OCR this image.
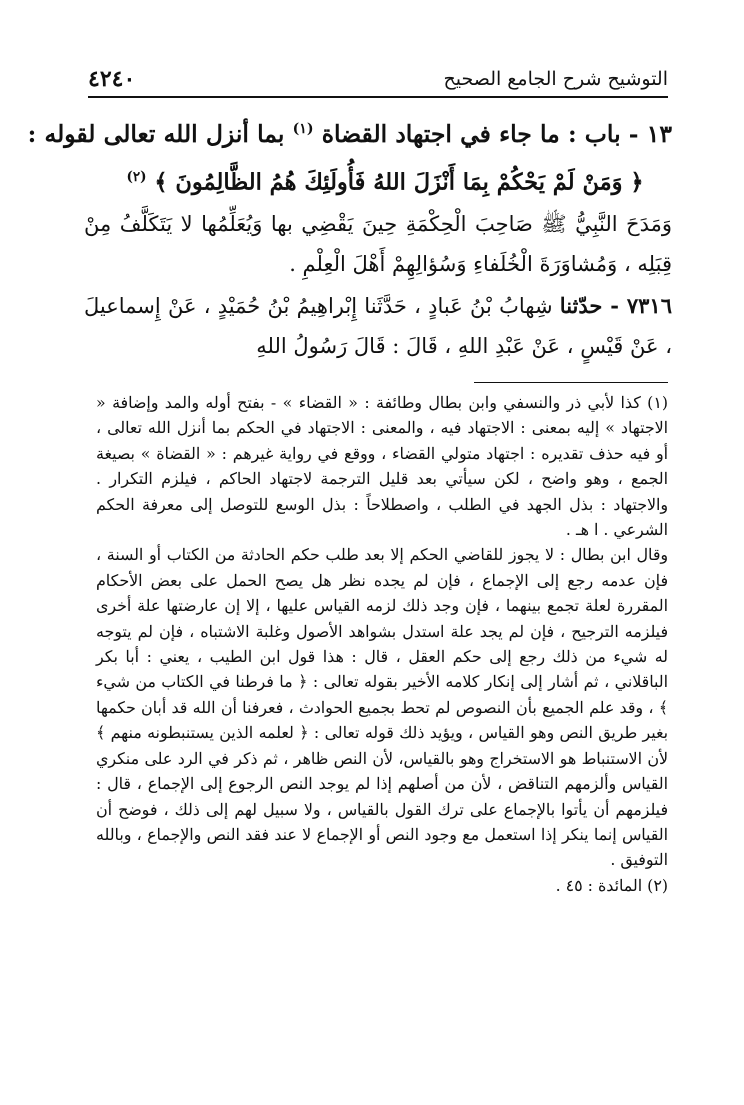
٤٢٤٠	التوشيح شرح الجامع الصحيح
١٣ - باب : ما جاء في اجتهاد القضاة $^{(١)}$ بما أنزل الله تعالى لقوله :
﴿ وَمَنْ لَمْ يَحْكُمْ بِمَا أَنْزَلَ اللهُ فَأُولَئِكَ هُمُ الظَّالِمُونَ ﴾ $^{(٢)}$
وَمَدَحَ النَّبِيُّ ﷺ صَاحِبَ الْحِكْمَةِ حِينَ يَقْضِي بها وَيُعَلِّمُها لا يَتَكَلَّفُ مِنْ قِبَلِه ، وَمُشاوَرَةَ الْخُلَفاءِ وَسُؤالِهِمْ أَهْلَ الْعِلْمِ .
٧٣١٦ - حدّثنا شِهابُ بْنُ عَبادٍ ، حَدَّثَنا إِبْراهِيمُ بْنُ حُمَيْدٍ ، عَنْ إِسماعيلَ ، عَنْ قَيْسٍ ، عَنْ عَبْدِ اللهِ ، قَالَ : قَالَ رَسُولُ اللهِ

(١) كذا لأبي ذر والنسفي وابن بطال وطائفة : « القضاء » - بفتح أوله والمد وإضافة « الاجتهاد » إليه بمعنى : الاجتهاد فيه ، والمعنى : الاجتهاد في الحكم بما أنزل الله تعالى ، أو فيه حذف تقديره : اجتهاد متولي القضاء ، ووقع في رواية غيرهم : « القضاة » بصيغة الجمع ، وهو واضح ، لكن سيأتي بعد قليل الترجمة لاجتهاد الحاكم ، فيلزم التكرار . والاجتهاد : بذل الجهد في الطلب ، واصطلاحاً : بذل الوسع للتوصل إلى معرفة الحكم الشرعي . ا هـ .

وقال ابن بطال : لا يجوز للقاضي الحكم إلا بعد طلب حكم الحادثة من الكتاب أو السنة ، فإن عدمه رجع إلى الإجماع ، فإن لم يجده نظر هل يصح الحمل على بعض الأحكام المقررة لعلة تجمع بينهما ، فإن وجد ذلك لزمه القياس عليها ، إلا إن عارضتها علة أخرى فيلزمه الترجيح ، فإن لم يجد علة استدل بشواهد الأصول وغلبة الاشتباه ، فإن لم يتوجه له شيء من ذلك رجع إلى حكم العقل ، قال : هذا قول ابن الطيب ، يعني : أبا بكر الباقلاني ، ثم أشار إلى إنكار كلامه الأخير بقوله تعالى : ﴿ ما فرطنا في الكتاب من شيء ﴾ ، وقد علم الجميع بأن النصوص لم تحط بجميع الحوادث ، فعرفنا أن الله قد أبان حكمها بغير طريق النص وهو القياس ، ويؤيد ذلك قوله تعالى : ﴿ لعلمه الذين يستنبطونه منهم ﴾ لأن الاستنباط هو الاستخراج وهو بالقياس، لأن النص ظاهر ، ثم ذكر في الرد على منكري القياس وألزمهم التناقض ، لأن من أصلهم إذا لم يوجد النص الرجوع إلى الإجماع ، قال : فيلزمهم أن يأتوا بالإجماع على ترك القول بالقياس ، ولا سبيل لهم إلى ذلك ، فوضح أن القياس إنما ينكر إذا استعمل مع وجود النص أو الإجماع لا عند فقد النص والإجماع ، وبالله التوفيق .

(٢) المائدة : ٤٥ .
